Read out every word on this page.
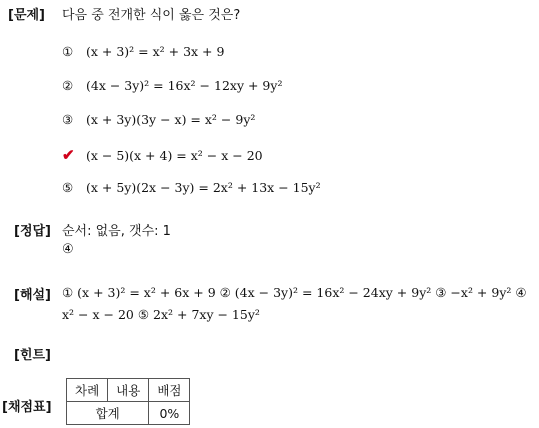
[문제] 다음 중 전개한 식이 옳은 것은?
① (x + 3)² = x² + 3x + 9
② (4x − 3y)² = 16x² − 12xy + 9y²
③ (x + 3y)(3y − x) = x² − 9y²
✔ (x − 5)(x + 4) = x² − x − 20
⑤ (x + 5y)(2x − 3y) = 2x² + 13x − 15y²
[정답] 순서: 없음, 갯수: 1
④
[해설] ① (x + 3)² = x² + 6x + 9 ② (4x − 3y)² = 16x² − 24xy + 9y² ③ −x² + 9y² ④ x² − x − 20 ⑤ 2x² + 7xy − 15y²
[힌트]
[채점표]
차례	내용	배점
합계		0%
